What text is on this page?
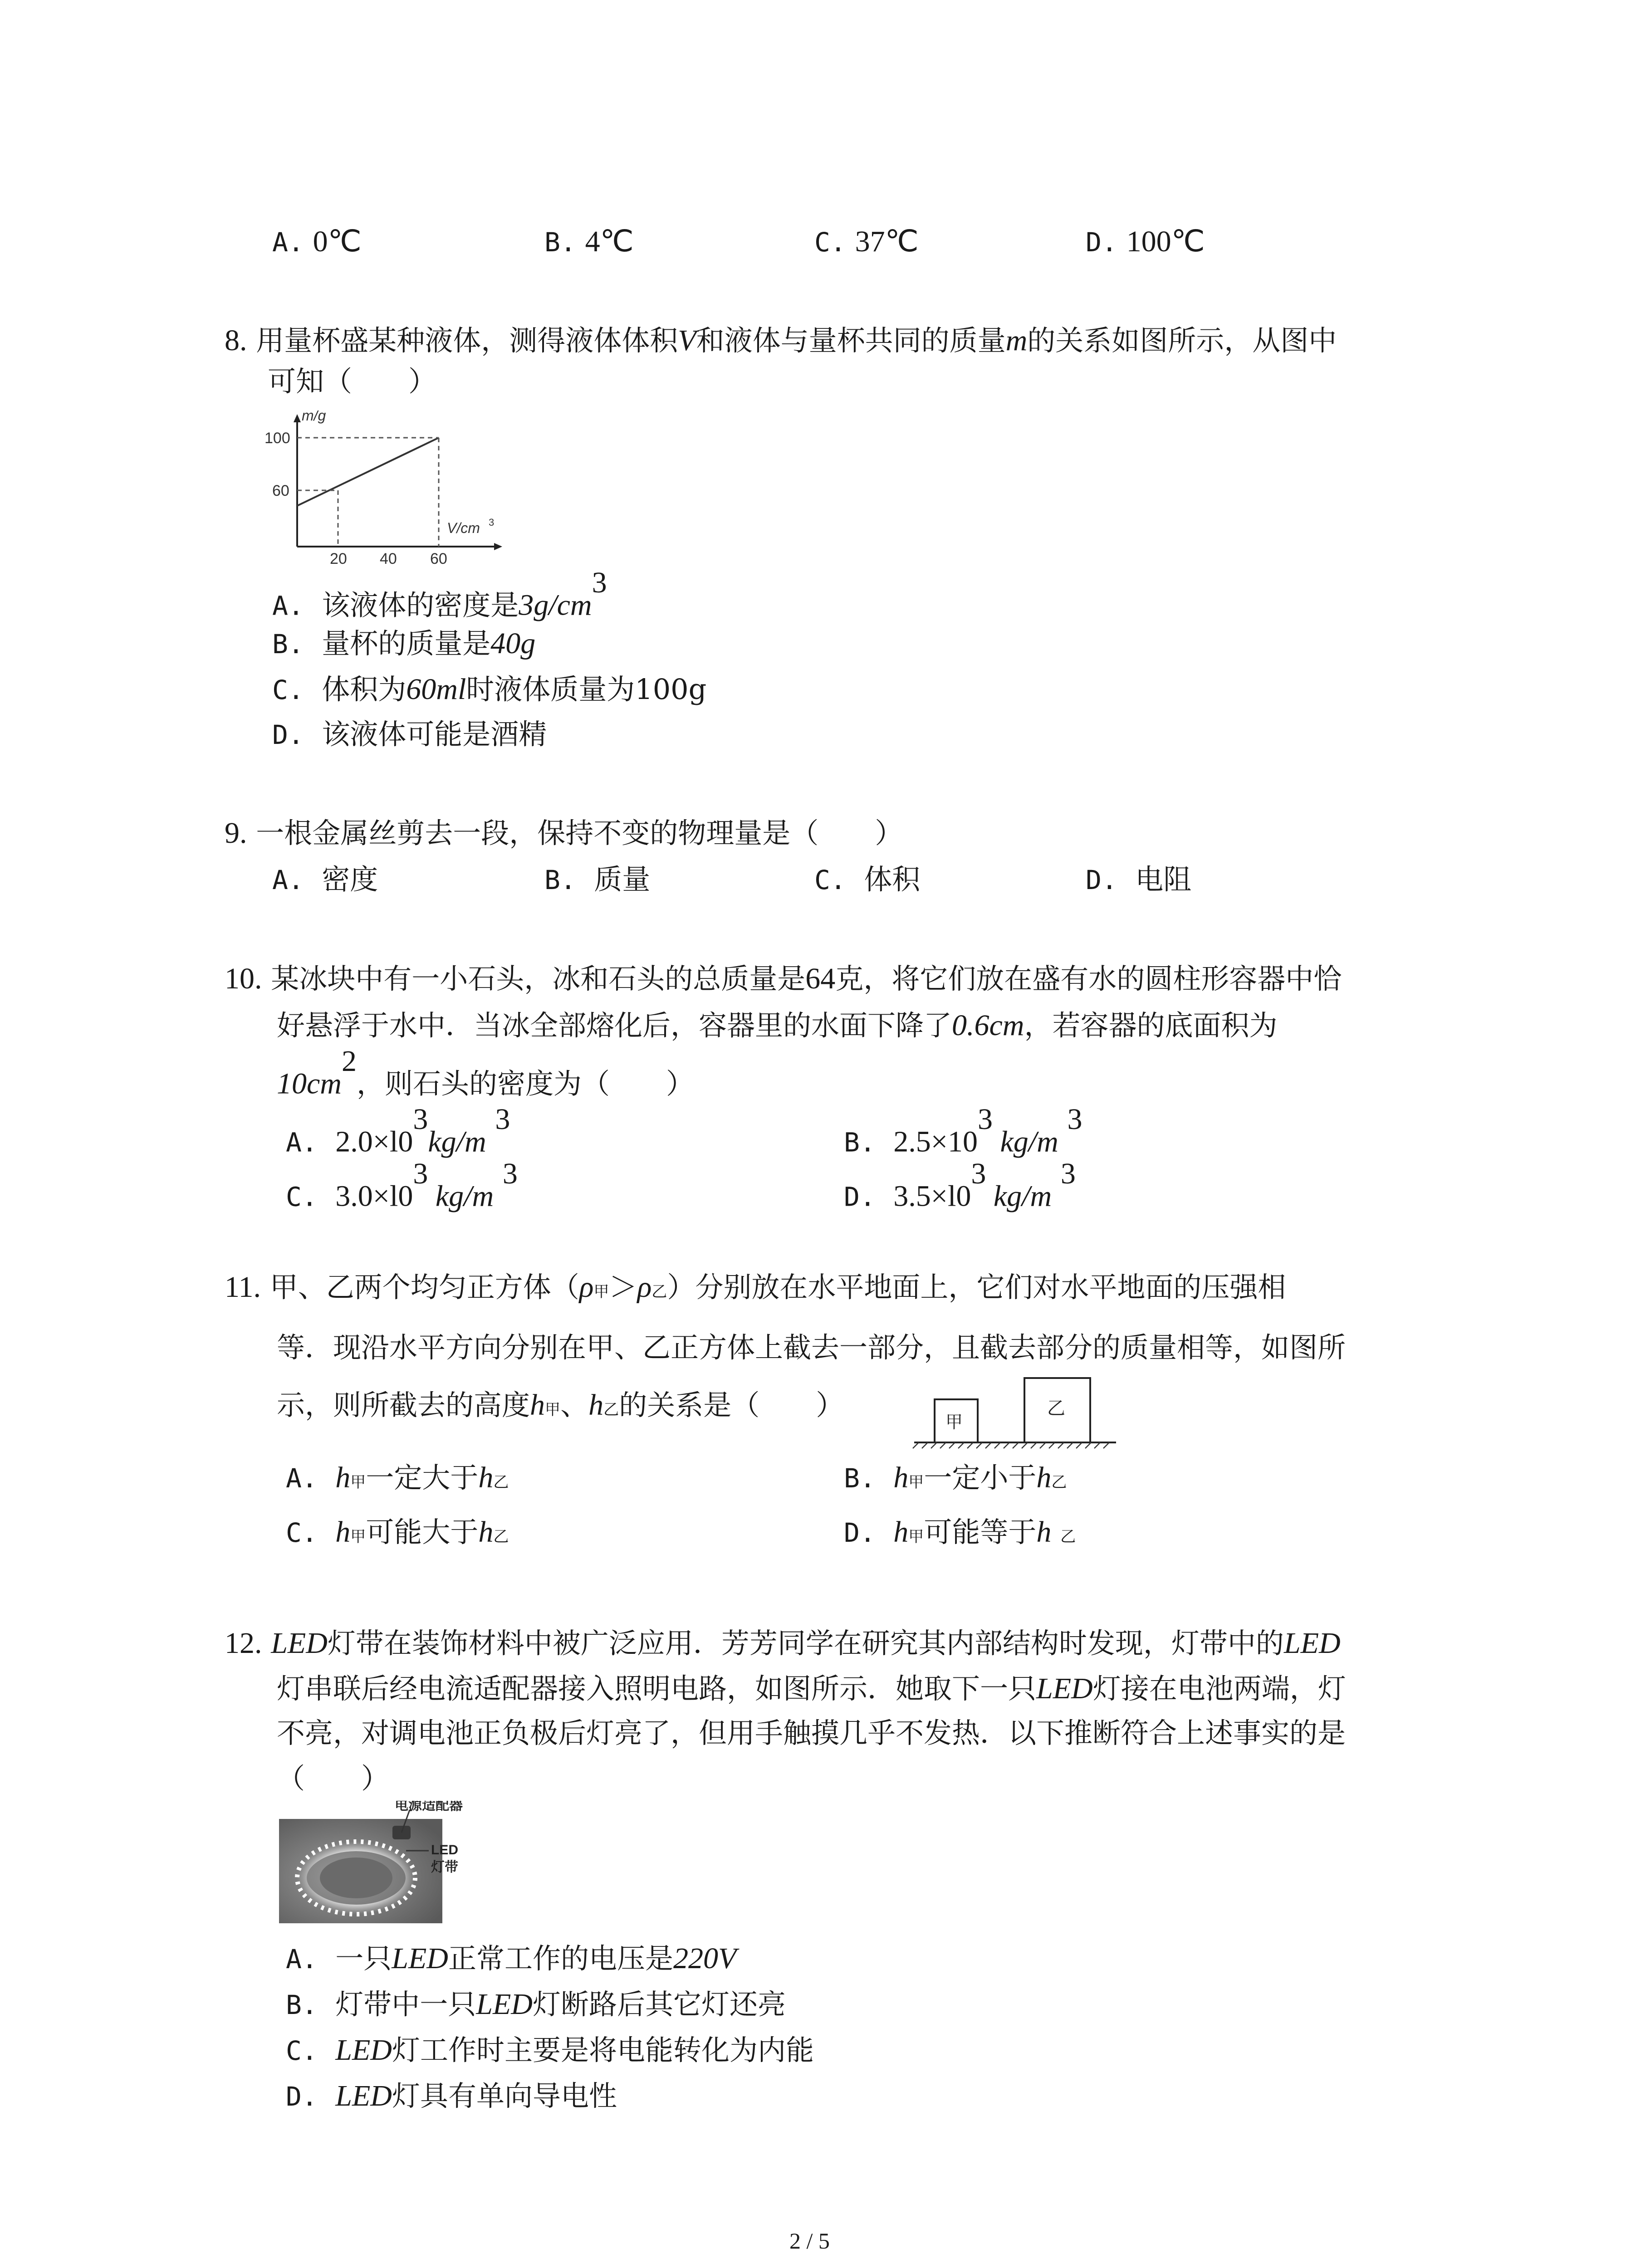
A. 0℃	B. 4℃	C. 37℃	D. 100℃
8. 用量杯盛某种液体，测得液体体积V和液体与量杯共同的质量m的关系如图所示，从图中
可知（　　）
m/g
100
60
V/cm 3
20 40 60
A. 该液体的密度是$3g/cm^3$
B. 量杯的质量是40g
C. 体积为60ml时液体质量为100g
D. 该液体可能是酒精
9. 一根金属丝剪去一段，保持不变的物理量是（　　）
A. 密度	B. 质量	C. 体积	D. 电阻
10. 某冰块中有一小石头，冰和石头的总质量是64克，将它们放在盛有水的圆柱形容器中恰
好悬浮于水中．当冰全部熔化后，容器里的水面下降了0.6cm，若容器的底面积为
$10cm^2$，则石头的密度为（　　）
A. $2.0\times l0^3kg/m$ $^3$
B. $2.5\times 10^3$ kg/m $^3$
C. $3.0\times l0^3$ kg/m $^3$
D. $3.5\times l0^3$ kg/m $^3$
11. 甲、乙两个均匀正方体（ρ甲＞ρ乙）分别放在水平地面上，它们对水平地面的压强相
等．现沿水平方向分别在甲、乙正方体上截去一部分，且截去部分的质量相等，如图所
示，则所截去的高度h甲、h乙的关系是（　　）
甲
乙
A. h甲一定大于h乙	B. h甲一定小于h乙
C. h甲可能大于h乙	D. h甲可能等于h 乙
12. LED灯带在装饰材料中被广泛应用．芳芳同学在研究其内部结构时发现，灯带中的LED
灯串联后经电流适配器接入照明电路，如图所示．她取下一只LED灯接在电池两端，灯
不亮，对调电池正负极后灯亮了，但用手触摸几乎不发热．以下推断符合上述事实的是
（　　）
电源适配器
LED
灯带
A. 一只LED正常工作的电压是220V
B. 灯带中一只LED灯断路后其它灯还亮
C. LED灯工作时主要是将电能转化为内能
D. LED灯具有单向导电性
2 / 5
